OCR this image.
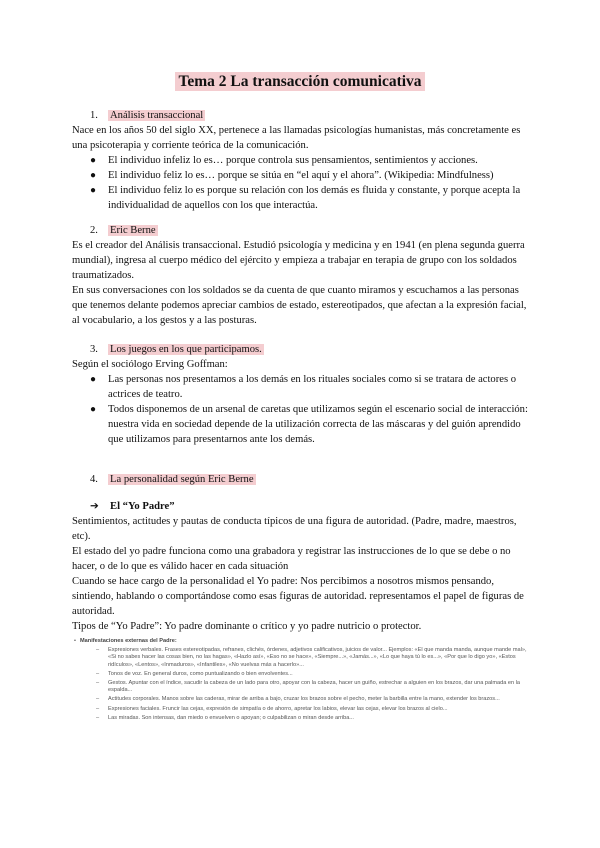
Tema 2 La transacción comunicativa
1. Análisis transaccional

Nace en los años 50 del siglo XX, pertenece a las llamadas psicologías humanistas, más concretamente es una psicoterapia y corriente teórica de la comunicación.

● El individuo infeliz lo es… porque controla sus pensamientos, sentimientos y acciones.
● El individuo feliz lo es… porque se sitúa en “el aquí y el ahora”. (Wikipedia: Mindfulness)
● El individuo feliz lo es porque su relación con los demás es fluida y constante, y porque acepta la individualidad de aquellos con los que interactúa.
2. Eric Berne

Es el creador del Análisis transaccional. Estudió psicología y medicina y en 1941 (en plena segunda guerra mundial), ingresa al cuerpo médico del ejército y empieza a trabajar en terapia de grupo con los soldados traumatizados.

En sus conversaciones con los soldados se da cuenta de que cuanto miramos y escuchamos a las personas que tenemos delante podemos apreciar cambios de estado, estereotipados, que afectan a la expresión facial, al vocabulario, a los gestos y a las posturas.

3. Los juegos en los que participamos.

Según el sociólogo Erving Goffman:

● Las personas nos presentamos a los demás en los rituales sociales como si se tratara de actores o actrices de teatro.
● Todos disponemos de un arsenal de caretas que utilizamos según el escenario social de interacción: nuestra vida en sociedad depende de la utilización correcta de las máscaras y del guión aprendido que utilizamos para presentarnos ante los demás.
4. La personalidad según Eric Berne
➔ El “Yo Padre”

Sentimientos, actitudes y pautas de conducta típicos de una figura de autoridad. (Padre, madre, maestros, etc).

El estado del yo padre funciona como una grabadora y registrar las instrucciones de lo que se debe o no hacer, o de lo que es válido hacer en cada situación

Cuando se hace cargo de la personalidad el Yo padre: Nos percibimos a nosotros mismos pensando, sintiendo, hablando o comportándose como esas figuras de autoridad. representamos el papel de figuras de autoridad.

Tipos de “Yo Padre”: Yo padre dominante o crítico y yo padre nutricio o protector.

• Manifestaciones externas del Padre:
– Expresiones verbales. Frases estereotipadas, refranes, clichés, órdenes, adjetivos calificativos, juicios de valor... Ejemplos: «El que manda manda, aunque mande mal», «Si no sabes hacer las cosas bien, no las hagas», «Hazlo así», «Eso no se hace», «Siempre...», «Jamás...», «Lo que haya tú lo es...», «Por que lo digo yo», «Estos ridículos», «Lentos», «Inmaduros», «Infantiles», «No vuelvas más a hacerlo»...
– Tonos de voz. En general duros, como puntualizando o bien envolventes...
– Gestos. Apuntar con el índice, sacudir la cabeza de un lado para otro, apoyar con la cabeza, hacer un guiño, estrechar a alguien en los brazos, dar una palmada en la espalda...
– Actitudes corporales. Manos sobre las caderas, mirar de arriba a bajo, cruzar los brazos sobre el pecho, meter la barbilla entre la mano, extender los brazos...
– Expresiones faciales. Fruncir las cejas, expresión de simpatía o de ahorro, apretar los labios, elevar las cejas, elevar los brazos al cielo...
– Las miradas. Son intensas, dan miedo o envuelven o apoyan; o culpabilizan o miran desde arriba...
